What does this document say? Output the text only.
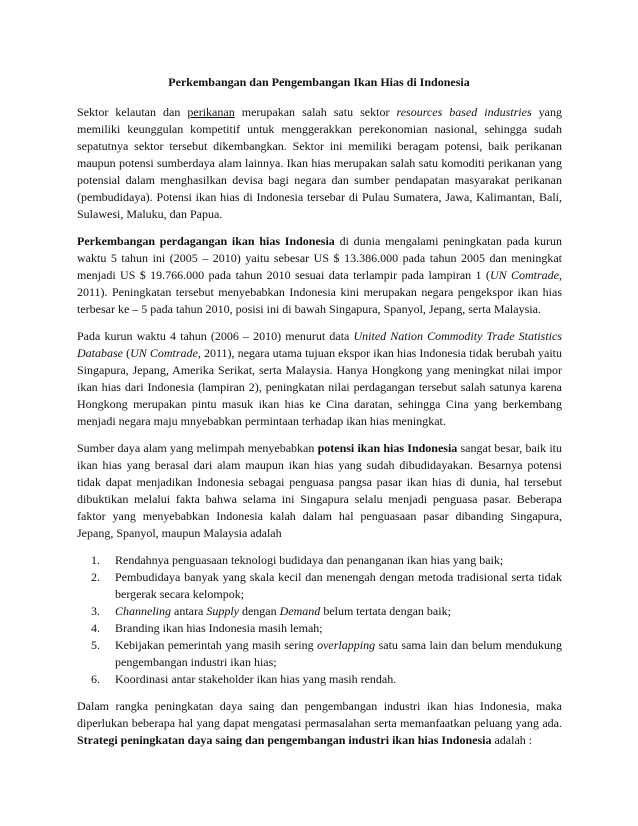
Perkembangan dan Pengembangan Ikan Hias di Indonesia

Sektor kelautan dan perikanan merupakan salah satu sektor resources based industries yang memiliki keunggulan kompetitif untuk menggerakkan perekonomian nasional, sehingga sudah sepatutnya sektor tersebut dikembangkan. Sektor ini memiliki beragam potensi, baik perikanan maupun potensi sumberdaya alam lainnya. Ikan hias merupakan salah satu komoditi perikanan yang potensial dalam menghasilkan devisa bagi negara dan sumber pendapatan masyarakat perikanan (pembudidaya). Potensi ikan hias di Indonesia tersebar di Pulau Sumatera, Jawa, Kalimantan, Bali, Sulawesi, Maluku, dan Papua.

Perkembangan perdagangan ikan hias Indonesia di dunia mengalami peningkatan pada kurun waktu 5 tahun ini (2005 – 2010) yaitu sebesar US $ 13.386.000 pada tahun 2005 dan meningkat menjadi US $ 19.766.000 pada tahun 2010 sesuai data terlampir pada lampiran 1 (UN Comtrade, 2011). Peningkatan tersebut menyebabkan Indonesia kini merupakan negara pengekspor ikan hias terbesar ke – 5 pada tahun 2010, posisi ini di bawah Singapura, Spanyol, Jepang, serta Malaysia.

Pada kurun waktu 4 tahun (2006 – 2010) menurut data United Nation Commodity Trade Statistics Database (UN Comtrade, 2011), negara utama tujuan ekspor ikan hias Indonesia tidak berubah yaitu Singapura, Jepang, Amerika Serikat, serta Malaysia. Hanya Hongkong yang meningkat nilai impor ikan hias dari Indonesia (lampiran 2), peningkatan nilai perdagangan tersebut salah satunya karena Hongkong merupakan pintu masuk ikan hias ke Cina daratan, sehingga Cina yang berkembang menjadi negara maju mnyebabkan permintaan terhadap ikan hias meningkat.

Sumber daya alam yang melimpah menyebabkan potensi ikan hias Indonesia sangat besar, baik itu ikan hias yang berasal dari alam maupun ikan hias yang sudah dibudidayakan. Besarnya potensi tidak dapat menjadikan Indonesia sebagai penguasa pangsa pasar ikan hias di dunia, hal tersebut dibuktikan melalui fakta bahwa selama ini Singapura selalu menjadi penguasa pasar. Beberapa faktor yang menyebabkan Indonesia kalah dalam hal penguasaan pasar dibanding Singapura, Jepang, Spanyol, maupun Malaysia adalah

1. Rendahnya penguasaan teknologi budidaya dan penanganan ikan hias yang baik;
2. Pembudidaya banyak yang skala kecil dan menengah dengan metoda tradisional serta tidak bergerak secara kelompok;
3. Channeling antara Supply dengan Demand belum tertata dengan baik;
4. Branding ikan hias Indonesia masih lemah;
5. Kebijakan pemerintah yang masih sering overlapping satu sama lain dan belum mendukung pengembangan industri ikan hias;
6. Koordinasi antar stakeholder ikan hias yang masih rendah.

Dalam rangka peningkatan daya saing dan pengembangan industri ikan hias Indonesia, maka diperlukan beberapa hal yang dapat mengatasi permasalahan serta memanfaatkan peluang yang ada. Strategi peningkatan daya saing dan pengembangan industri ikan hias Indonesia adalah :
